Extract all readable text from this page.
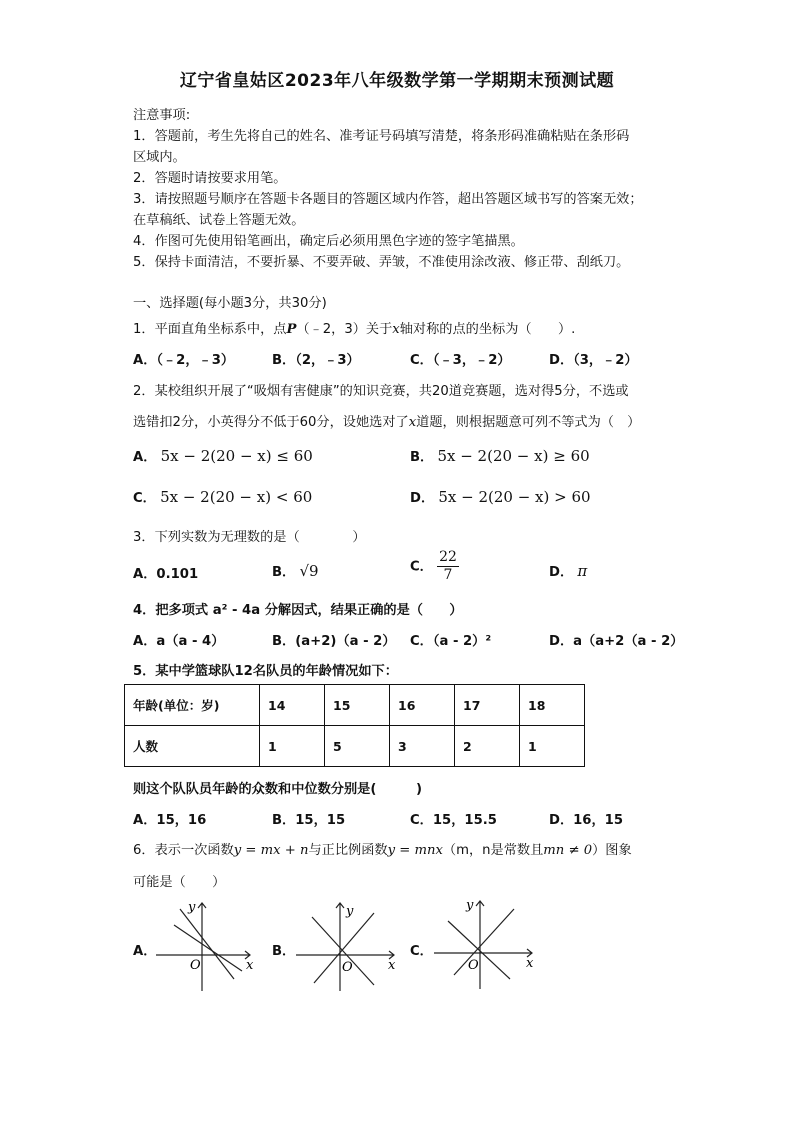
辽宁省皇姑区2023年八年级数学第一学期期末预测试题
注意事项:
1．答题前，考生先将自己的姓名、准考证号码填写清楚，将条形码准确粘贴在条形码
区域内。
2．答题时请按要求用笔。
3．请按照题号顺序在答题卡各题目的答题区域内作答，超出答题区域书写的答案无效；
在草稿纸、试卷上答题无效。
4．作图可先使用铅笔画出，确定后必须用黑色字迹的签字笔描黑。
5．保持卡面清洁，不要折暴、不要弄破、弄皱，不准使用涂改液、修正带、刮纸刀。
一、选择题(每小题3分，共30分)
1．平面直角坐标系中，点P（﹣2，3）关于x轴对称的点的坐标为（　　）.
A．（﹣2，﹣3）	B．（2，﹣3）	C．（﹣3，﹣2）	D．（3，﹣2）
2．某校组织开展了“吸烟有害健康”的知识竞赛，共20道竞赛题，选对得5分，不选或
选错扣2分，小英得分不低于60分，设她选对了x道题，则根据题意可列不等式为（　）
A． 5x − 2(20 − x) ≤ 60	B． 5x − 2(20 − x) ≥ 60
C． 5x − 2(20 − x) < 60	D． 5x − 2(20 − x) > 60
3．下列实数为无理数的是（　　　　）
A．0.101	B． √9	C． $\frac{22}{7}$	D． π
4．把多项式 a² - 4a 分解因式，结果正确的是（　　）
A．a（a - 4）	B．(a+2)（a - 2） C．（a - 2）²	D．a（a+2（a - 2）
5．某中学篮球队12名队员的年龄情况如下：
年龄(单位：岁)	14	15	16	17	18
人数	1	5	3	2	1
则这个队队员年龄的众数和中位数分别是(　　　)
A．15，16	B．15，15	C．15，15.5	D．16，15
6．表示一次函数y = mx + n与正比例函数y = mnx（m，n是常数且mn ≠ 0）图象
可能是（　　）
A．
O	x
y
B．
O	x
y
C．
O	x
y
